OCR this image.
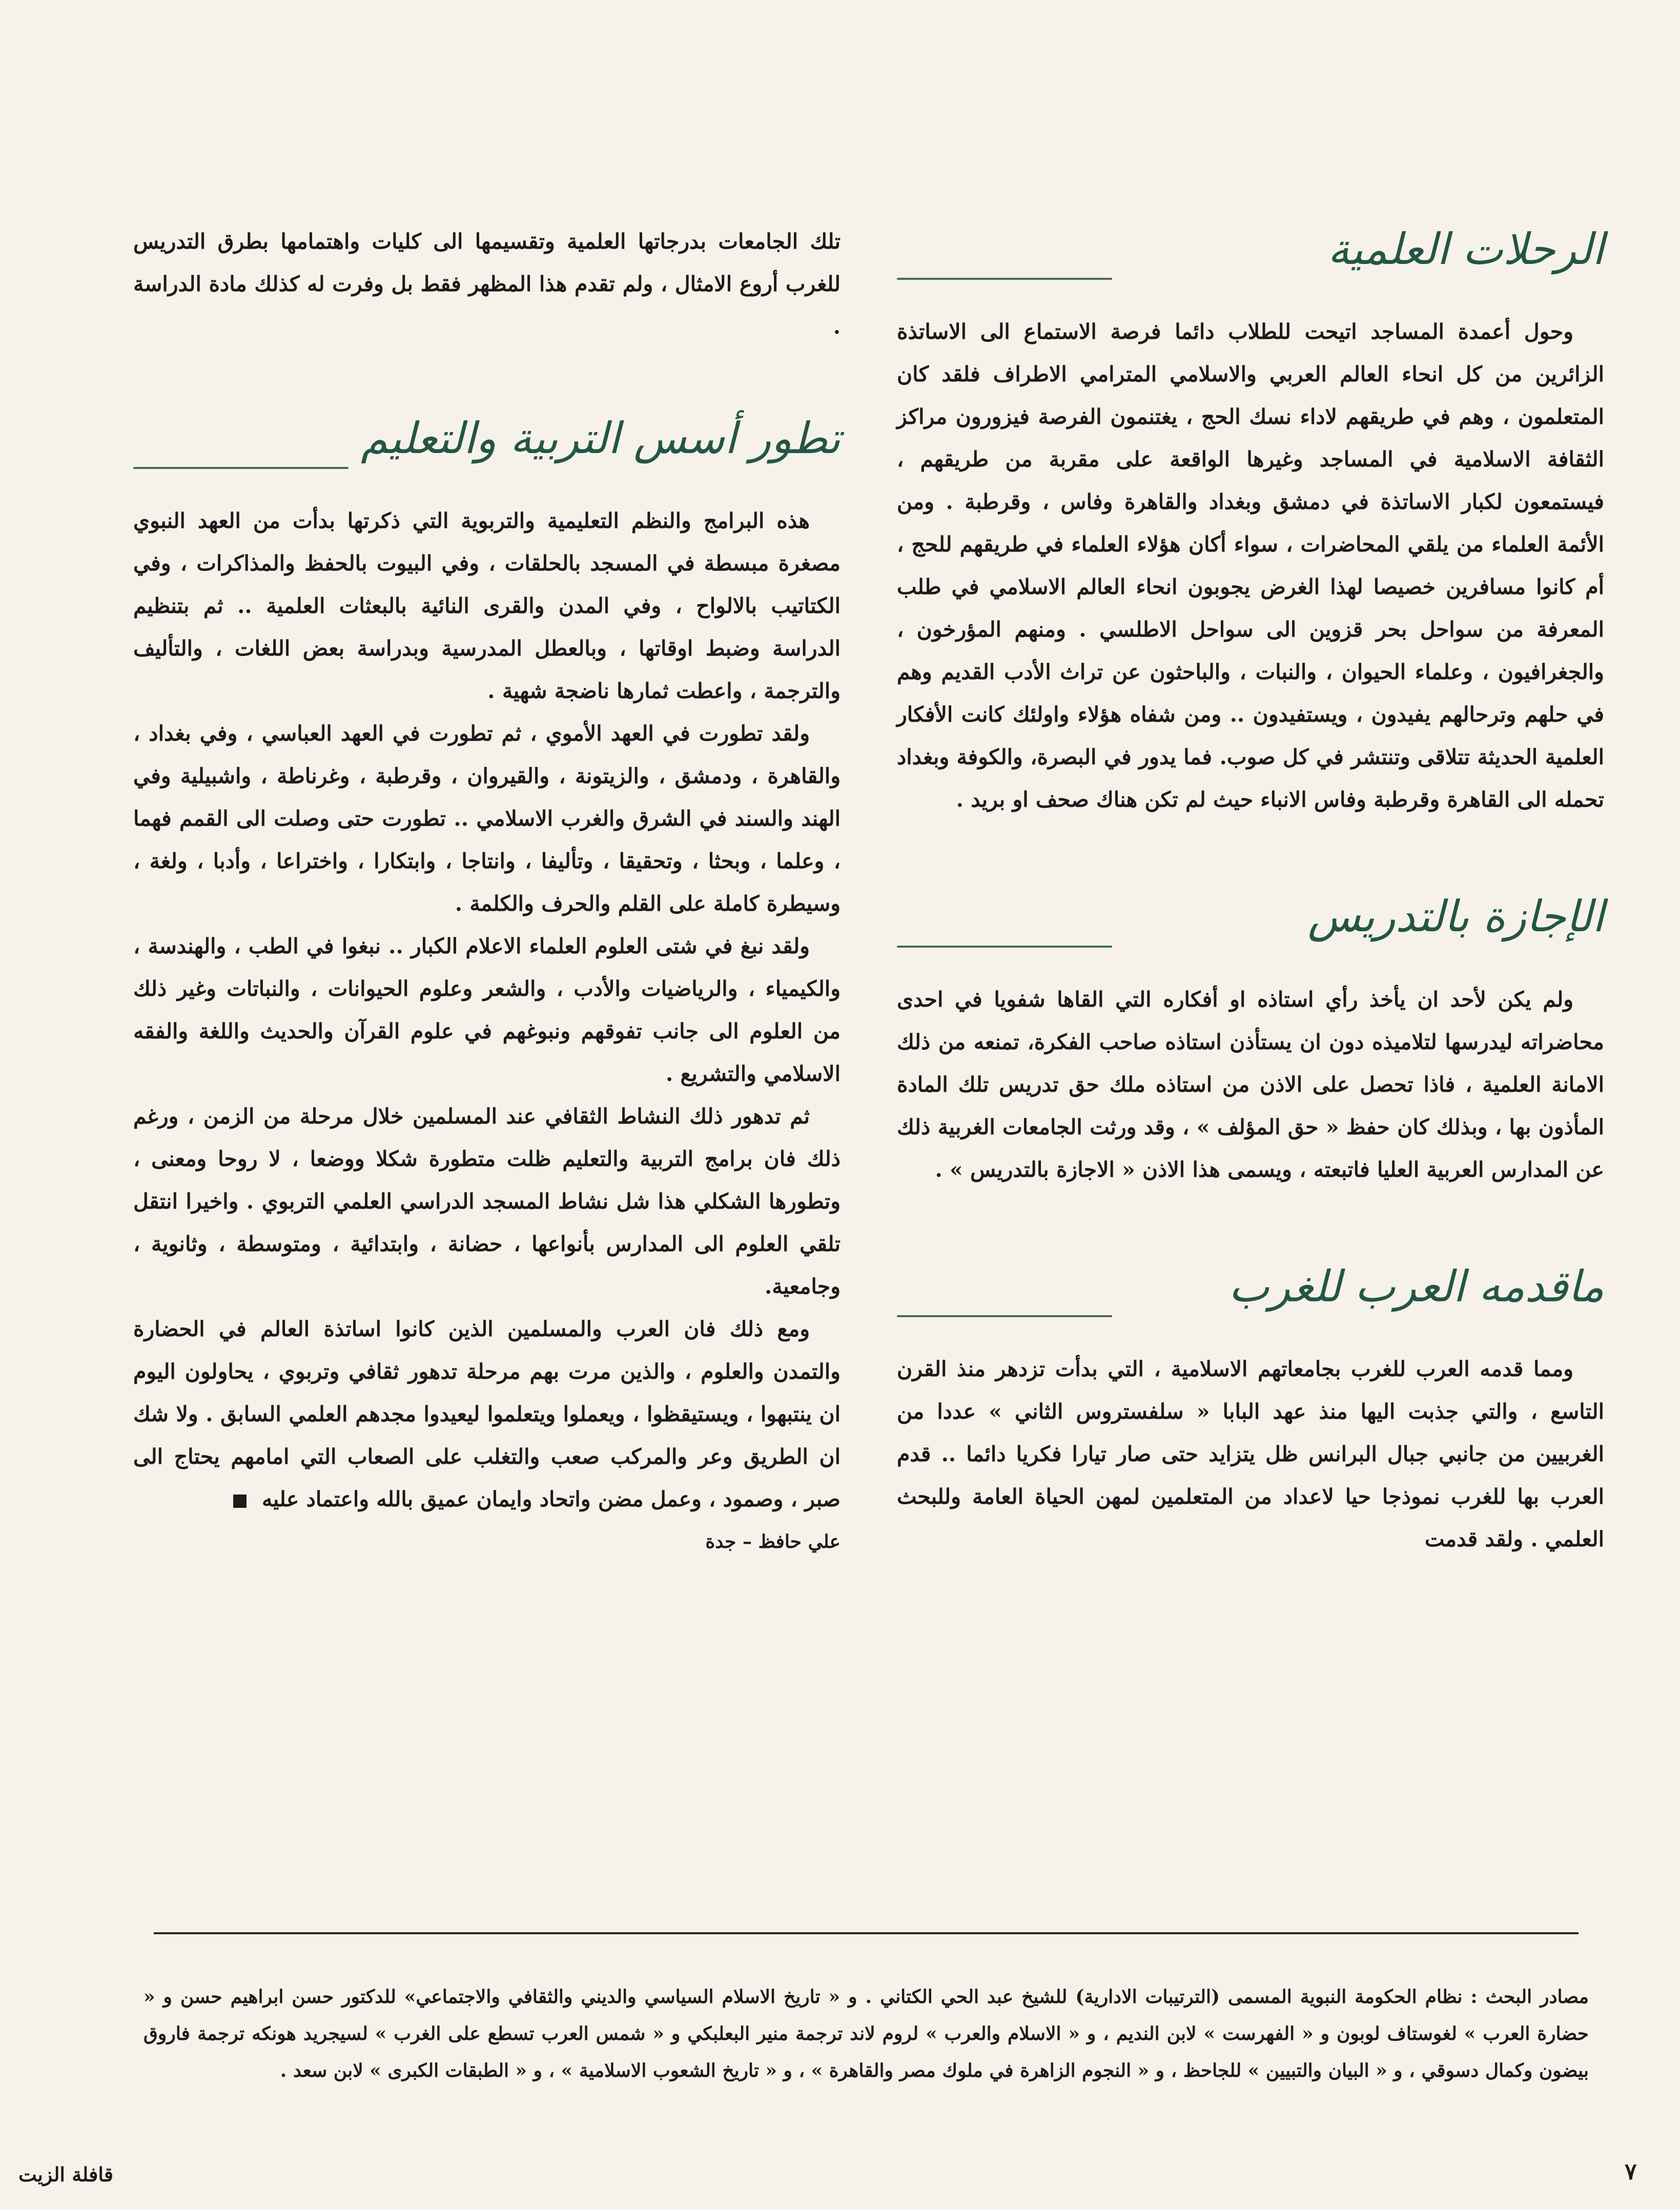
الرحلات العلمية

وحول أعمدة المساجد اتيحت للطلاب دائما فرصة الاستماع الى الاساتذة الزائرين من كل انحاء العالم العربي والاسلامي المترامي الاطراف فلقد كان المتعلمون ، وهم في طريقهم لاداء نسك الحج ، يغتنمون الفرصة فيزورون مراكز الثقافة الاسلامية في المساجد وغيرها الواقعة على مقربة من طريقهم ، فيستمعون لكبار الاساتذة في دمشق وبغداد والقاهرة وفاس ، وقرطبة . ومن الأئمة العلماء من يلقي المحاضرات ، سواء أكان هؤلاء العلماء في طريقهم للحج ، أم كانوا مسافرين خصيصا لهذا الغرض يجوبون انحاء العالم الاسلامي في طلب المعرفة من سواحل بحر قزوين الى سواحل الاطلسي . ومنهم المؤرخون ، والجغرافيون ، وعلماء الحيوان ، والنبات ، والباحثون عن تراث الأدب القديم وهم في حلهم وترحالهم يفيدون ، ويستفيدون .. ومن شفاه هؤلاء واولئك كانت الأفكار العلمية الحديثة تتلاقى وتنتشر في كل صوب. فما يدور في البصرة، والكوفة وبغداد تحمله الى القاهرة وقرطبة وفاس الانباء حيث لم تكن هناك صحف او بريد .

الإجازة بالتدريس

ولم يكن لأحد ان يأخذ رأي استاذه او أفكاره التي القاها شفويا في احدى محاضراته ليدرسها لتلاميذه دون ان يستأذن استاذه صاحب الفكرة، تمنعه من ذلك الامانة العلمية ، فاذا تحصل على الاذن من استاذه ملك حق تدريس تلك المادة المأذون بها ، وبذلك كان حفظ « حق المؤلف » ، وقد ورثت الجامعات الغربية ذلك عن المدارس العربية العليا فاتبعته ، ويسمى هذا الاذن « الاجازة بالتدريس » .

ماقدمه العرب للغرب

ومما قدمه العرب للغرب بجامعاتهم الاسلامية ، التي بدأت تزدهر منذ القرن التاسع ، والتي جذبت اليها منذ عهد البابا « سلفستروس الثاني » عددا من الغربيين من جانبي جبال البرانس ظل يتزايد حتى صار تيارا فكريا دائما .. قدم العرب بها للغرب نموذجا حيا لاعداد من المتعلمين لمهن الحياة العامة وللبحث العلمي . ولقد قدمت

تلك الجامعات بدرجاتها العلمية وتقسيمها الى كليات واهتمامها بطرق التدريس للغرب أروع الامثال ، ولم تقدم هذا المظهر فقط بل وفرت له كذلك مادة الدراسة .

تطور أسس التربية والتعليم

هذه البرامج والنظم التعليمية والتربوية التي ذكرتها بدأت من العهد النبوي مصغرة مبسطة في المسجد بالحلقات ، وفي البيوت بالحفظ والمذاكرات ، وفي الكتاتيب بالالواح ، وفي المدن والقرى النائية بالبعثات العلمية .. ثم بتنظيم الدراسة وضبط اوقاتها ، وبالعطل المدرسية وبدراسة بعض اللغات ، والتأليف والترجمة ، واعطت ثمارها ناضجة شهية .

ولقد تطورت في العهد الأموي ، ثم تطورت في العهد العباسي ، وفي بغداد ، والقاهرة ، ودمشق ، والزيتونة ، والقيروان ، وقرطبة ، وغرناطة ، واشبيلية وفي الهند والسند في الشرق والغرب الاسلامي .. تطورت حتى وصلت الى القمم فهما ، وعلما ، وبحثا ، وتحقيقا ، وتأليفا ، وانتاجا ، وابتكارا ، واختراعا ، وأدبا ، ولغة ، وسيطرة كاملة على القلم والحرف والكلمة .

ولقد نبغ في شتى العلوم العلماء الاعلام الكبار .. نبغوا في الطب ، والهندسة ، والكيمياء ، والرياضيات والأدب ، والشعر وعلوم الحيوانات ، والنباتات وغير ذلك من العلوم الى جانب تفوقهم ونبوغهم في علوم القرآن والحديث واللغة والفقه الاسلامي والتشريع .

ثم تدهور ذلك النشاط الثقافي عند المسلمين خلال مرحلة من الزمن ، ورغم ذلك فان برامج التربية والتعليم ظلت متطورة شكلا ووضعا ، لا روحا ومعنى ، وتطورها الشكلي هذا شل نشاط المسجد الدراسي العلمي التربوي . واخيرا انتقل تلقي العلوم الى المدارس بأنواعها ، حضانة ، وابتدائية ، ومتوسطة ، وثانوية ، وجامعية.

ومع ذلك فان العرب والمسلمين الذين كانوا اساتذة العالم في الحضارة والتمدن والعلوم ، والذين مرت بهم مرحلة تدهور ثقافي وتربوي ، يحاولون اليوم ان ينتبهوا ، ويستيقظوا ، ويعملوا ويتعلموا ليعيدوا مجدهم العلمي السابق . ولا شك ان الطريق وعر والمركب صعب والتغلب على الصعاب التي امامهم يحتاج الى صبر ، وصمود ، وعمل مضن واتحاد وايمان عميق بالله واعتماد عليه

علي حافظ – جدة
مصادر البحث : نظام الحكومة النبوية المسمى (الترتيبات الادارية) للشيخ عبد الحي الكتاني . و « تاريخ الاسلام السياسي والديني والثقافي والاجتماعي» للدكتور حسن ابراهيم حسن و « حضارة العرب » لغوستاف لوبون و « الفهرست » لابن النديم ، و « الاسلام والعرب » لروم لاند ترجمة منير البعلبكي و « شمس العرب تسطع على الغرب » لسيجريد هونكه ترجمة فاروق بيضون وكمال دسوقي ، و « البيان والتبيين » للجاحظ ، و « النجوم الزاهرة في ملوك مصر والقاهرة » ، و « تاريخ الشعوب الاسلامية » ، و « الطبقات الكبرى » لابن سعد .
٧
قافلة الزيت
